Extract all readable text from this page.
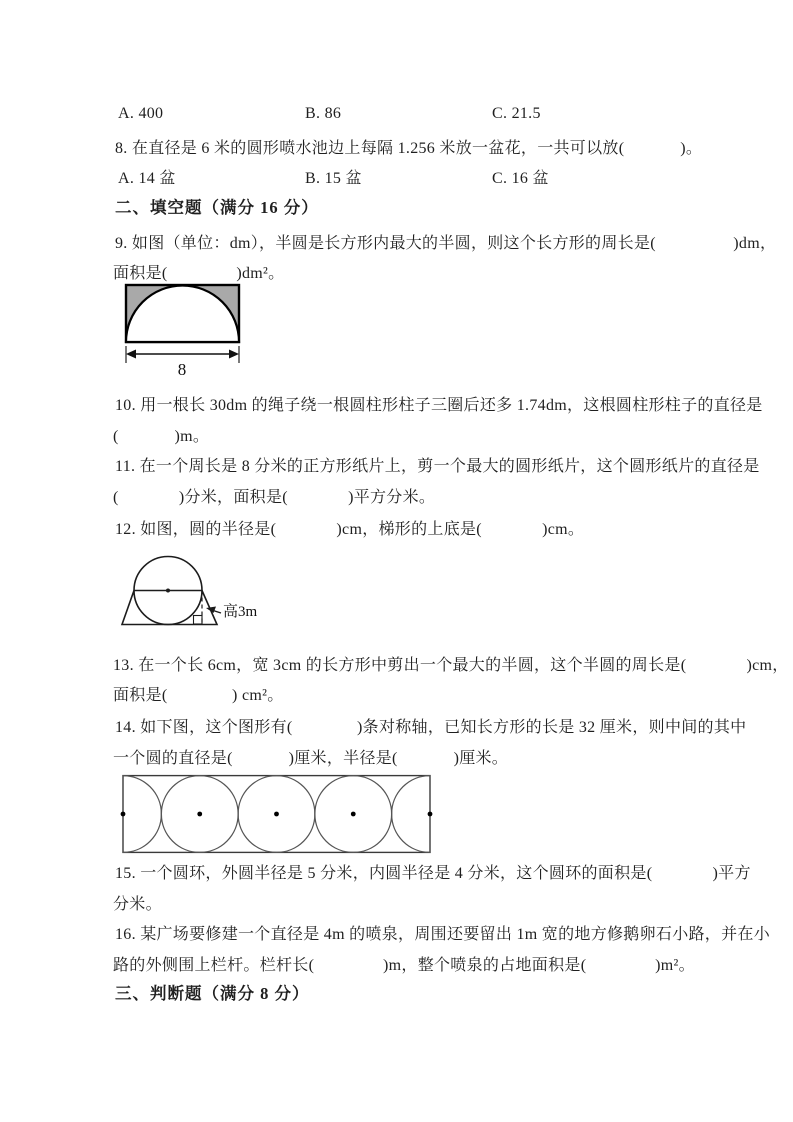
A. 400	B. 86	C. 21.5
8. 在直径是 6 米的圆形喷水池边上每隔 1.256 米放一盆花，一共可以放(             )。
A. 14 盆	B. 15 盆	C. 16 盆
二、填空题（满分 16 分）
9. 如图（单位：dm），半圆是长方形内最大的半圆，则这个长方形的周长是(                  )dm，
面积是(                )dm²。
8
10. 用一根长 30dm 的绳子绕一根圆柱形柱子三圈后还多 1.74dm，这根圆柱形柱子的直径是
(             )m。
11. 在一个周长是 8 分米的正方形纸片上，剪一个最大的圆形纸片，这个圆形纸片的直径是
(              )分米，面积是(              )平方分米。
12. 如图，圆的半径是(              )cm，梯形的上底是(              )cm。
高3m
13. 在一个长 6cm，宽 3cm 的长方形中剪出一个最大的半圆，这个半圆的周长是(              )cm，
面积是(               ) cm²。
14. 如下图，这个图形有(               )条对称轴，已知长方形的长是 32 厘米，则中间的其中
一个圆的直径是(             )厘米，半径是(             )厘米。
15. 一个圆环，外圆半径是 5 分米，内圆半径是 4 分米，这个圆环的面积是(              )平方
分米。
16. 某广场要修建一个直径是 4m 的喷泉，周围还要留出 1m 宽的地方修鹅卵石小路，并在小
路的外侧围上栏杆。栏杆长(                )m，整个喷泉的占地面积是(                )m²。
三、判断题（满分 8 分）
